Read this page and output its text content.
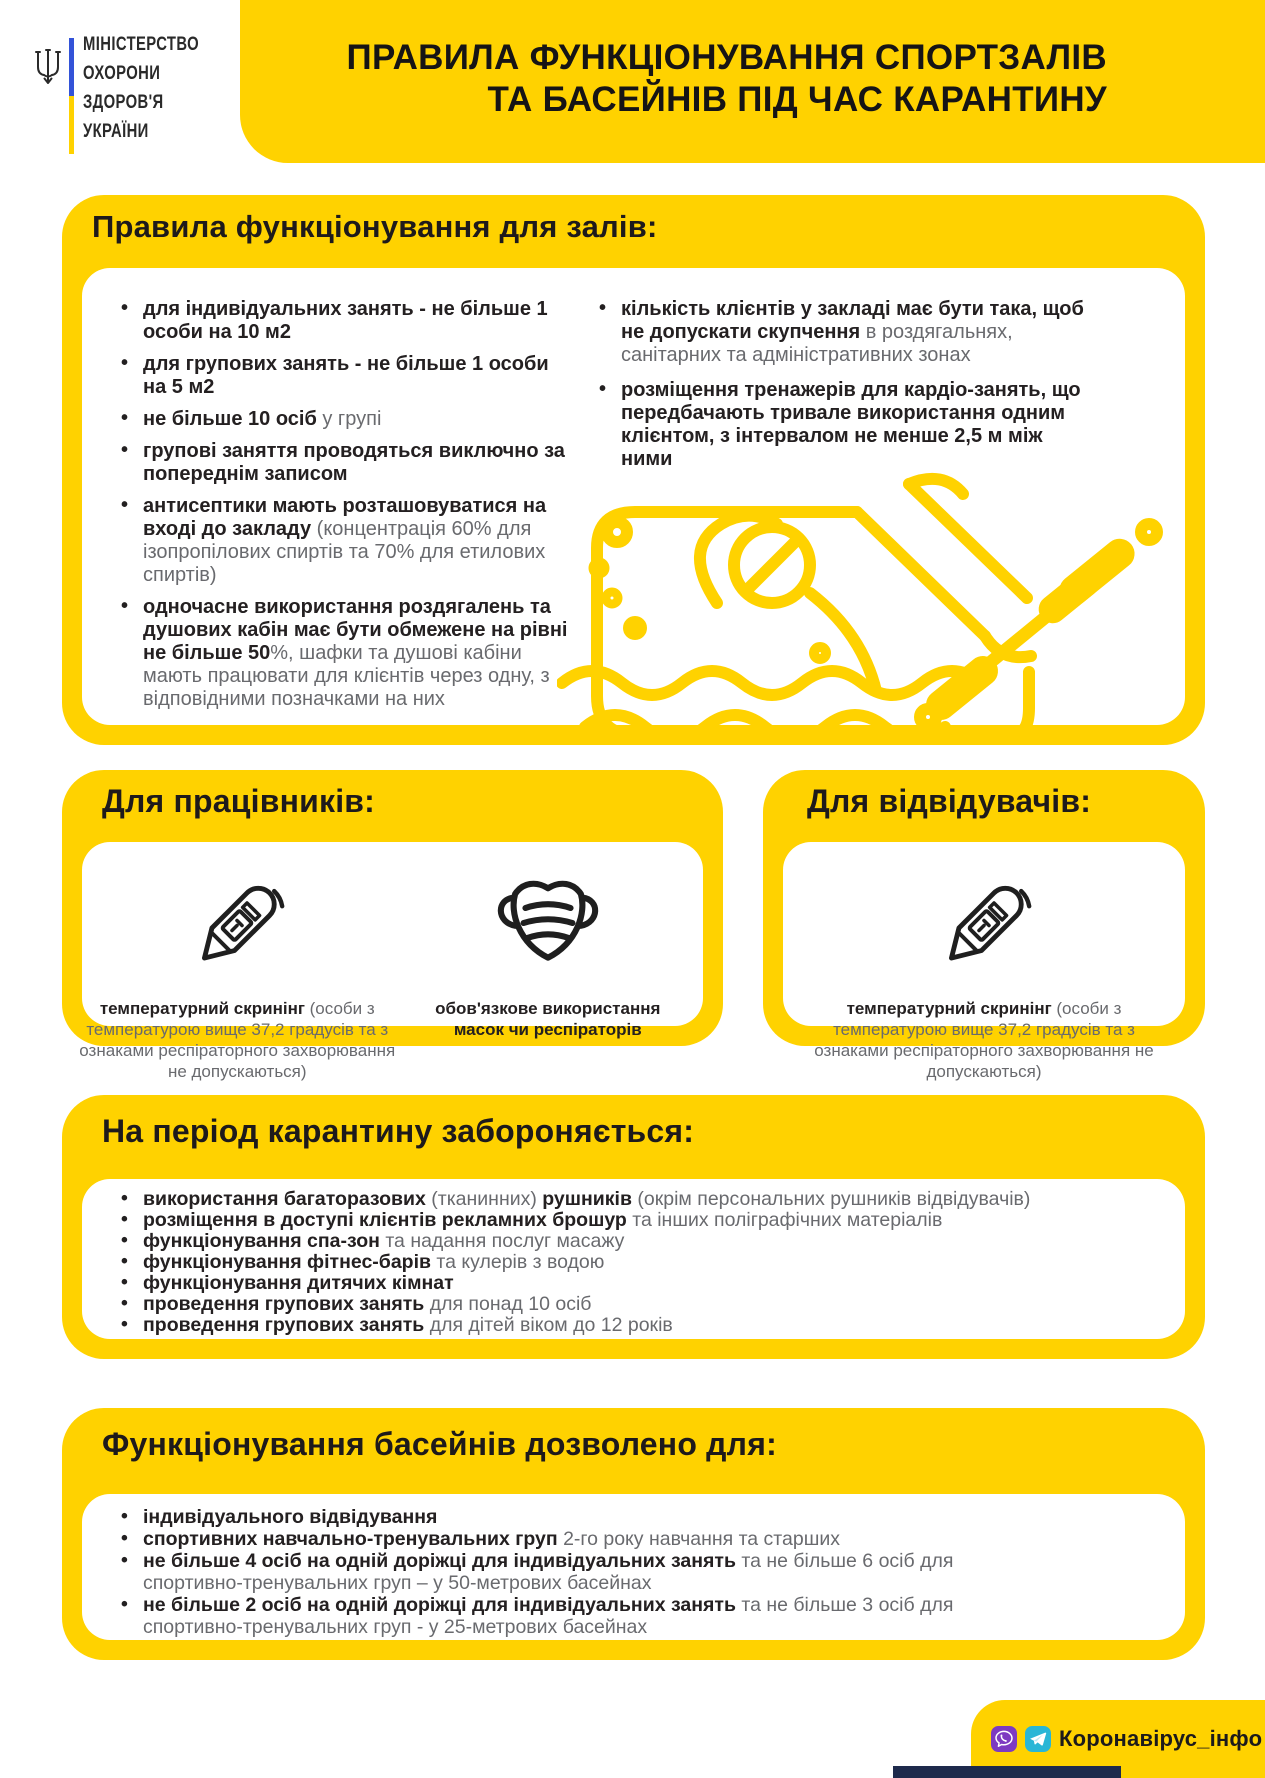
МІНІСТЕРСТВО
ОХОРОНИ
ЗДОРОВ'Я
УКРАЇНИ
ПРАВИЛА ФУНКЦІОНУВАННЯ СПОРТЗАЛІВ
ТА БАСЕЙНІВ ПІД ЧАС КАРАНТИНУ
Правила функціонування для залів:
• для індивідуальних занять - не більше 1 особи на 10 м2
• для групових занять - не більше 1 особи на 5 м2
• не більше 10 осіб у групі
• групові заняття проводяться виключно за попереднім записом
• антисептики мають розташовуватися на вході до закладу (концентрація 60% для ізопропілових спиртів та 70% для етилових спиртів)
• одночасне використання роздягалень та душових кабін має бути обмежене на рівні не більше 50%, шафки та душові кабіни мають працювати для клієнтів через одну, з відповідними позначками на них
• кількість клієнтів у закладі має бути така, щоб не допускати скупчення в роздягальнях, санітарних та адміністративних зонах
• розміщення тренажерів для кардіо-занять, що передбачають тривале використання одним клієнтом, з інтервалом не менше 2,5 м між ними
Для працівників:
температурний скринінг (особи з температурою вище 37,2 градусів та з ознаками респіраторного захворювання не допускаються)
обов'язкове використання масок чи респіраторів
Для відвідувачів:
температурний скринінг (особи з температурою вище 37,2 градусів та з ознаками респіраторного захворювання не допускаються)
На період карантину забороняється:
• використання багаторазових (тканинних) рушників (окрім персональних рушників відвідувачів)
• розміщення в доступі клієнтів рекламних брошур та інших поліграфічних матеріалів
• функціонування спа-зон та надання послуг масажу
• функціонування фітнес-барів та кулерів з водою
• функціонування дитячих кімнат
• проведення групових занять для понад 10 осіб
• проведення групових занять для дітей віком до 12 років
Функціонування басейнів дозволено для:
• індивідуального відвідування
• спортивних навчально-тренувальних груп 2-го року навчання та старших
• не більше 4 осіб на одній доріжці для індивідуальних занять та не більше 6 осіб для спортивно-тренувальних груп – у 50-метрових басейнах
• не більше 2 осіб на одній доріжці для індивідуальних занять та не більше 3 осіб для спортивно-тренувальних груп - у 25-метрових басейнах
Коронавірус_інфо
